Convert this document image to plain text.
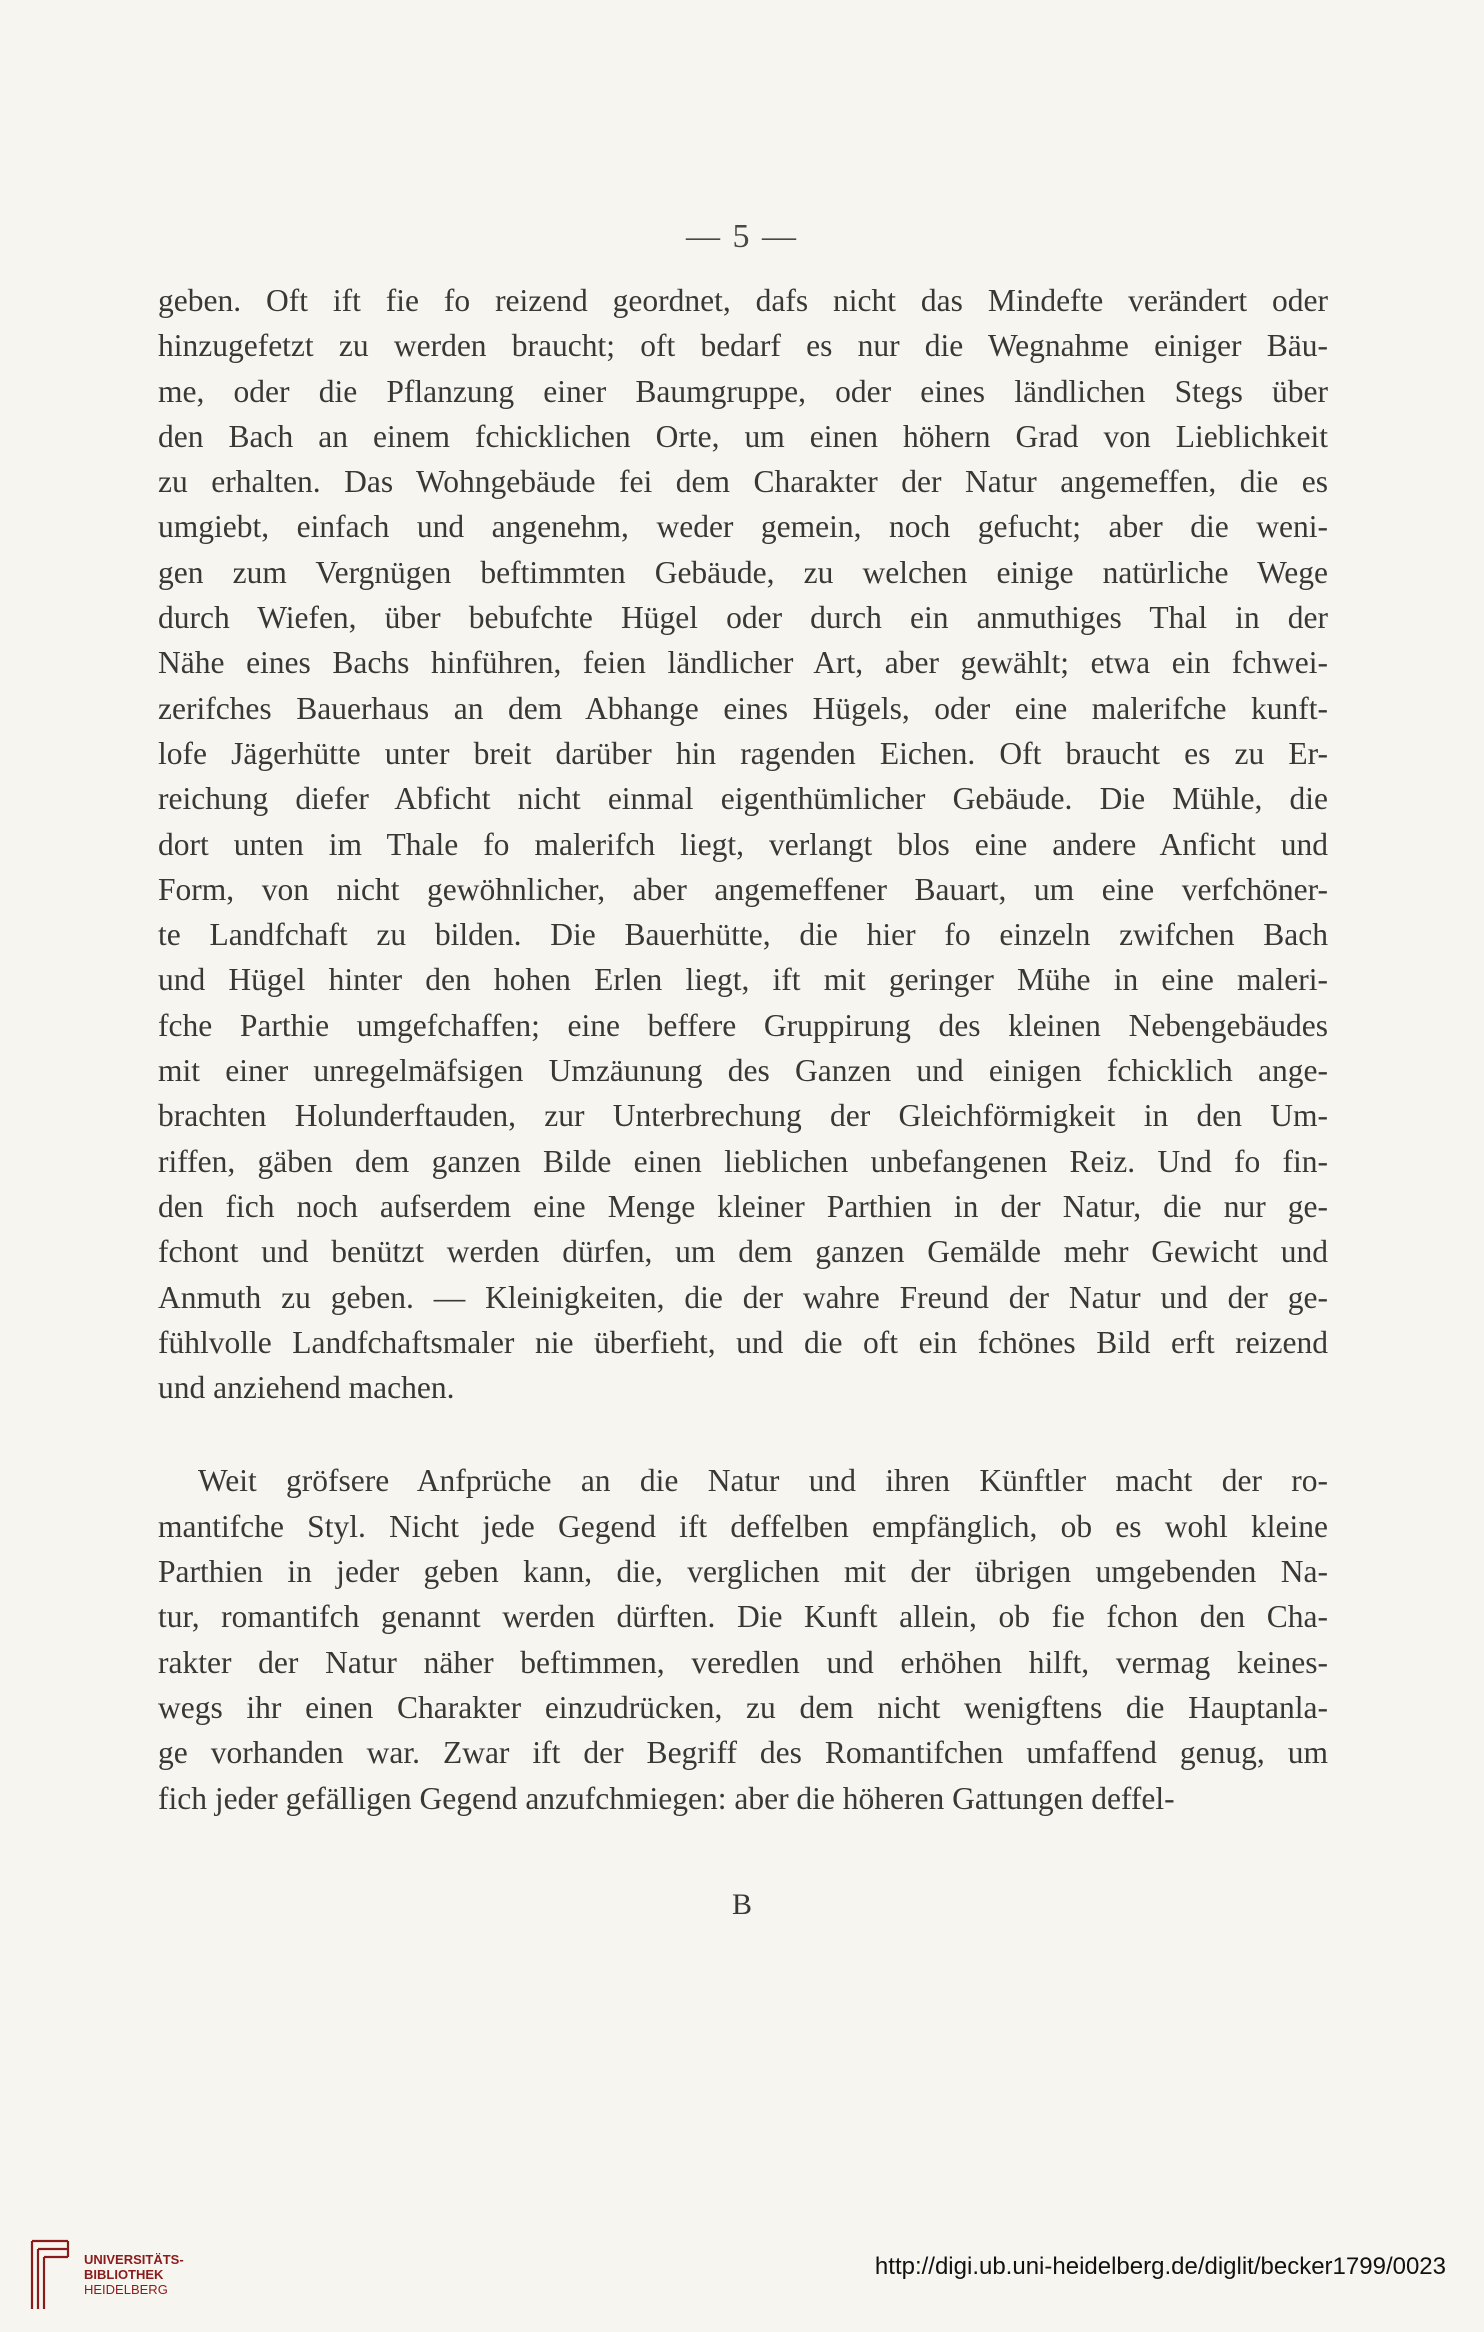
— 5 —

geben. Oft ift fie fo reizend geordnet, dafs nicht das Mindefte verändert oder
hinzugefetzt zu werden braucht; oft bedarf es nur die Wegnahme einiger Bäu-
me, oder die Pflanzung einer Baumgruppe, oder eines ländlichen Stegs über
den Bach an einem fchicklichen Orte, um einen höhern Grad von Lieblichkeit
zu erhalten. Das Wohngebäude fei dem Charakter der Natur angemeffen, die es
umgiebt, einfach und angenehm, weder gemein, noch gefucht; aber die weni-
gen zum Vergnügen beftimmten Gebäude, zu welchen einige natürliche Wege
durch Wiefen, über bebufchte Hügel oder durch ein anmuthiges Thal in der
Nähe eines Bachs hinführen, feien ländlicher Art, aber gewählt; etwa ein fchwei-
zerifches Bauerhaus an dem Abhange eines Hügels, oder eine malerifche kunft-
lofe Jägerhütte unter breit darüber hin ragenden Eichen. Oft braucht es zu Er-
reichung diefer Abficht nicht einmal eigenthümlicher Gebäude. Die Mühle, die
dort unten im Thale fo malerifch liegt, verlangt blos eine andere Anficht und
Form, von nicht gewöhnlicher, aber angemeffener Bauart, um eine verfchöner-
te Landfchaft zu bilden. Die Bauerhütte, die hier fo einzeln zwifchen Bach
und Hügel hinter den hohen Erlen liegt, ift mit geringer Mühe in eine maleri-
fche Parthie umgefchaffen; eine beffere Gruppirung des kleinen Nebengebäudes
mit einer unregelmäfsigen Umzäunung des Ganzen und einigen fchicklich ange-
brachten Holunderftauden, zur Unterbrechung der Gleichförmigkeit in den Um-
riffen, gäben dem ganzen Bilde einen lieblichen unbefangenen Reiz. Und fo fin-
den fich noch aufserdem eine Menge kleiner Parthien in der Natur, die nur ge-
fchont und benützt werden dürfen, um dem ganzen Gemälde mehr Gewicht und
Anmuth zu geben. — Kleinigkeiten, die der wahre Freund der Natur und der ge-
fühlvolle Landfchaftsmaler nie überfieht, und die oft ein fchönes Bild erft reizend
und anziehend machen.

Weit gröfsere Anfprüche an die Natur und ihren Künftler macht der ro-
mantifche Styl. Nicht jede Gegend ift deffelben empfänglich, ob es wohl kleine
Parthien in jeder geben kann, die, verglichen mit der übrigen umgebenden Na-
tur, romantifch genannt werden dürften. Die Kunft allein, ob fie fchon den Cha-
rakter der Natur näher beftimmen, veredlen und erhöhen hilft, vermag keines-
wegs ihr einen Charakter einzudrücken, zu dem nicht wenigftens die Hauptanla-
ge vorhanden war. Zwar ift der Begriff des Romantifchen umfaffend genug, um
fich jeder gefälligen Gegend anzufchmiegen: aber die höheren Gattungen deffel-

B
UNIVERSITÄTS-
BIBLIOTHEK
HEIDELBERG
http://digi.ub.uni-heidelberg.de/diglit/becker1799/0023
